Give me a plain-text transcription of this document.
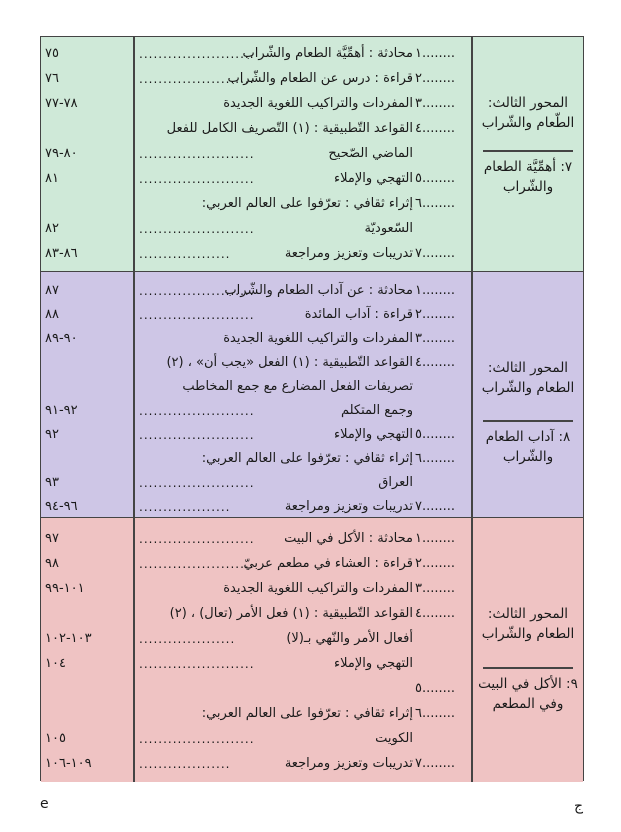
المحور الثالث: الطّعام والشّراب
٧: أهمِّيَّة الطعام والشّراب
١........
محادثة : أهمِّيَّة الطعام والشّراب
........................
٧٥
٢........
قراءة : درس عن الطعام والشّراب
........................
٧٦
٣........
المفردات والتراكيب اللغوية الجديدة
٧٨-٧٧
٤........
القواعد التّطبيقية : (١) التّصريف الكامل للفعل
الماضي الصّحيح
........................
٨٠-٧٩
٥........
التهجي والإملاء
........................
٨١
٦........
إثراء ثقافي : تعرّفوا على العالم العربي:
السّعوديّة
........................
٨٢
٧........
تدريبات وتعزيز ومراجعة
...................
٨٦-٨٣
المحور الثالث: الطعام والشّراب
٨: آداب الطعام والشّراب
١........
محادثة : عن آداب الطعام والشّراب
........................
٨٧
٢........
قراءة : آداب المائدة
........................
٨٨
٣........
المفردات والتراكيب اللغوية الجديدة
٩٠-٨٩
٤........
القواعد التّطبيقية : (١) الفعل «يجب أن» ، (٢)
تصريفات الفعل المضارع مع جمع المخاطب
وجمع المتكلم
........................
٩٢-٩١
٥........
التهجي والإملاء
........................
٩٢
٦........
إثراء ثقافي : تعرّفوا على العالم العربي:
العراق
........................
٩٣
٧........
تدريبات وتعزيز ومراجعة
...................
٩٦-٩٤
المحور الثالث: الطعام والشّراب
٩: الأكل في البيت وفي المطعم
١........
محادثة : الأكل في البيت
........................
٩٧
٢........
قراءة : العشاء في مطعم عربيّ
........................
٩٨
٣........
المفردات والتراكيب اللغوية الجديدة
١٠١-٩٩
٤........
القواعد التّطبيقية : (١) فعل الأمر (تعال) ، (٢)
أفعال الأمر والنّهي بـ(لا)
....................
١٠٣-١٠٢
التهجي والإملاء
........................
١٠٤
٥........
٦........
إثراء ثقافي : تعرّفوا على العالم العربي:
الكويت
........................
١٠٥
٧........
تدريبات وتعزيز ومراجعة
...................
١٠٩-١٠٦
e	ج
